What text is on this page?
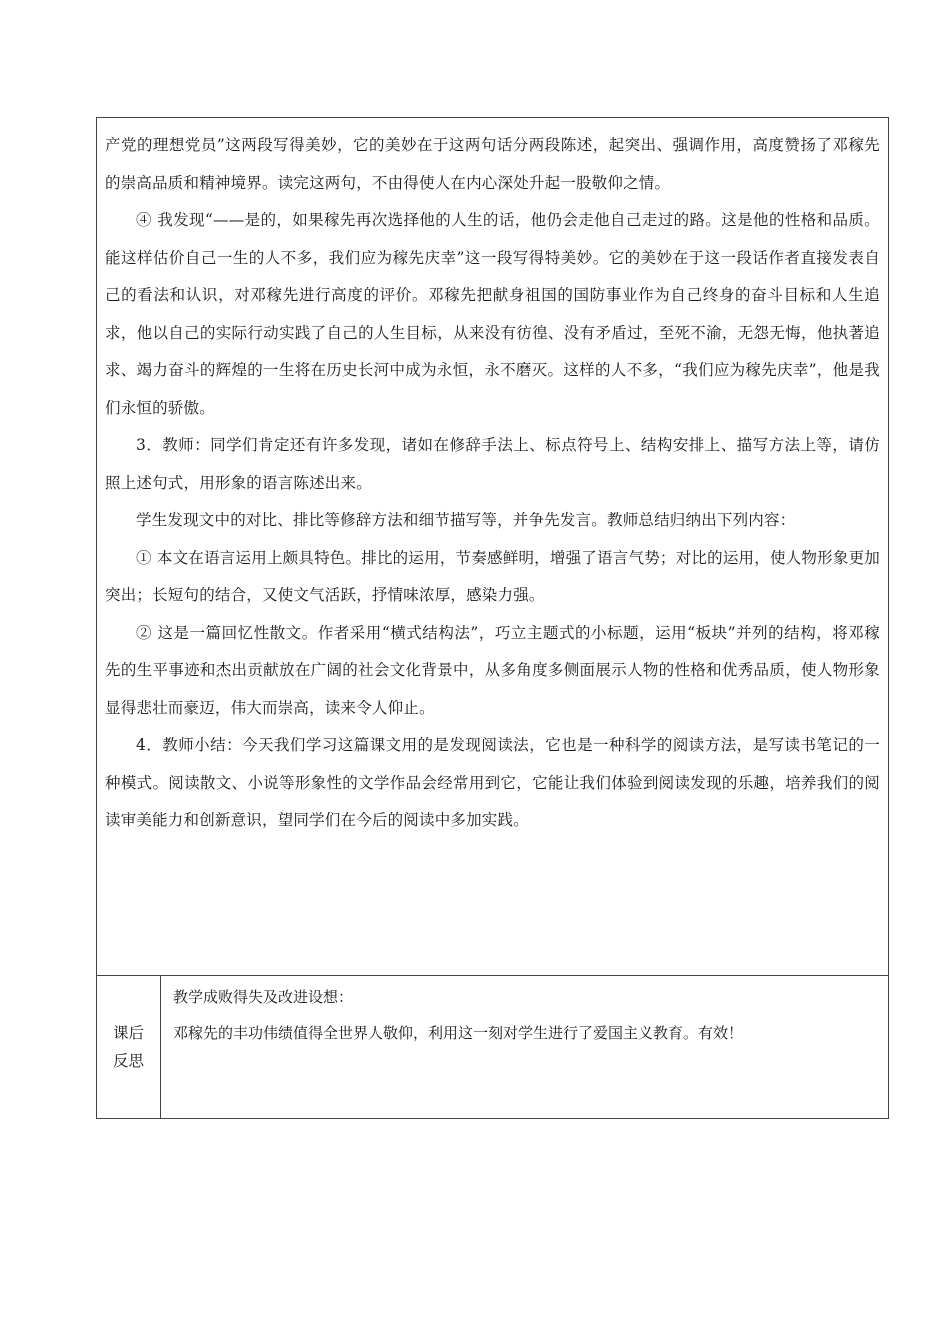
产党的理想党员”这两段写得美妙，它的美妙在于这两句话分两段陈述，起突出、强调作用，高度赞扬了邓稼先的崇高品质和精神境界。读完这两句，不由得使人在内心深处升起一股敬仰之情。

④ 我发现“——是的，如果稼先再次选择他的人生的话，他仍会走他自己走过的路。这是他的性格和品质。能这样估价自己一生的人不多，我们应为稼先庆幸”这一段写得特美妙。它的美妙在于这一段话作者直接发表自己的看法和认识，对邓稼先进行高度的评价。邓稼先把献身祖国的国防事业作为自己终身的奋斗目标和人生追求，他以自己的实际行动实践了自己的人生目标，从来没有彷徨、没有矛盾过，至死不渝，无怨无悔，他执著追求、竭力奋斗的辉煌的一生将在历史长河中成为永恒，永不磨灭。这样的人不多，“我们应为稼先庆幸”，他是我们永恒的骄傲。

3．教师：同学们肯定还有许多发现，诸如在修辞手法上、标点符号上、结构安排上、描写方法上等，请仿照上述句式，用形象的语言陈述出来。

学生发现文中的对比、排比等修辞方法和细节描写等，并争先发言。教师总结归纳出下列内容：

① 本文在语言运用上颇具特色。排比的运用，节奏感鲜明，增强了语言气势；对比的运用，使人物形象更加突出；长短句的结合，又使文气活跃，抒情味浓厚，感染力强。

② 这是一篇回忆性散文。作者采用“横式结构法”，巧立主题式的小标题，运用“板块”并列的结构，将邓稼先的生平事迹和杰出贡献放在广阔的社会文化背景中，从多角度多侧面展示人物的性格和优秀品质，使人物形象显得悲壮而豪迈，伟大而崇高，读来令人仰止。

4．教师小结：今天我们学习这篇课文用的是发现阅读法，它也是一种科学的阅读方法，是写读书笔记的一种模式。阅读散文、小说等形象性的文学作品会经常用到它，它能让我们体验到阅读发现的乐趣，培养我们的阅读审美能力和创新意识，望同学们在今后的阅读中多加实践。

课后
反思

教学成败得失及改进设想：

邓稼先的丰功伟绩值得全世界人敬仰，利用这一刻对学生进行了爱国主义教育。有效！
